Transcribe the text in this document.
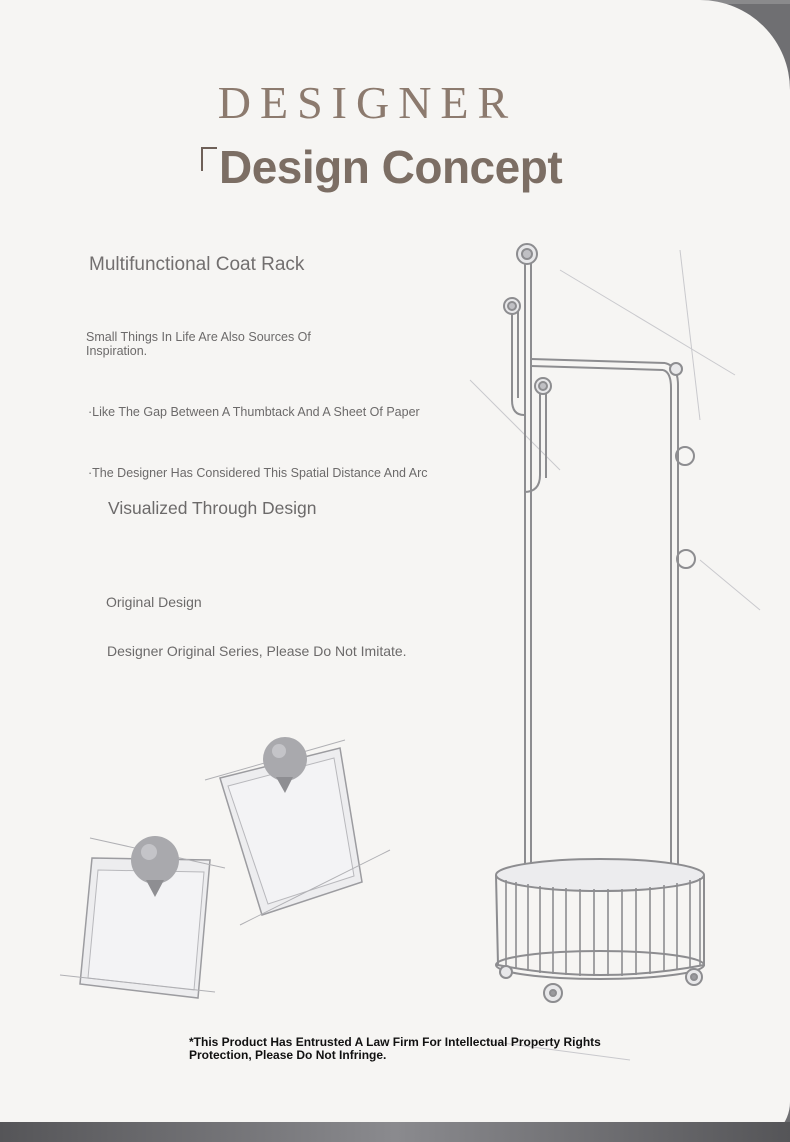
DESIGNER
Design Concept
Multifunctional Coat Rack
Small Things In Life Are Also Sources Of Inspiration.
·Like The Gap Between A Thumbtack And A Sheet Of Paper
·The Designer Has Considered This Spatial Distance And Arc
Visualized Through Design
Original Design
Designer Original Series, Please Do Not Imitate.
*This Product Has Entrusted A Law Firm For Intellectual Property Rights Protection, Please Do Not Infringe.
